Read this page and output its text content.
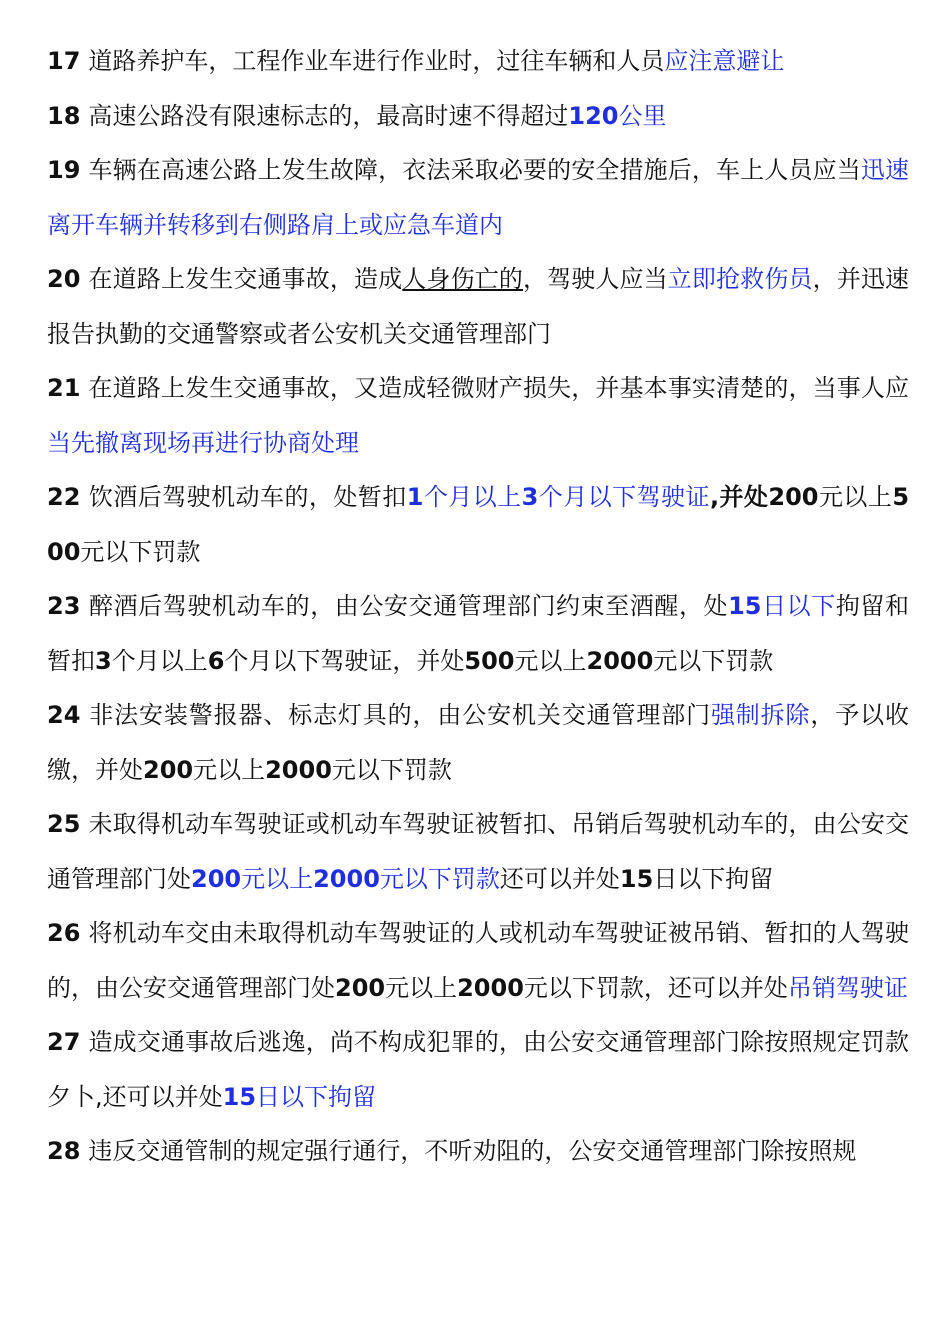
17 道路养护车，工程作业车进行作业时，过往车辆和人员应注意避让
18 高速公路没有限速标志的，最高时速不得超过120公里
19 车辆在高速公路上发生故障，衣法采取必要的安全措施后，车上人员应当迅速离开车辆并转移到右侧路肩上或应急车道内
20 在道路上发生交通事故，造成人身伤亡的，驾驶人应当立即抢救伤员，并迅速报告执勤的交通警察或者公安机关交通管理部门
21 在道路上发生交通事故，又造成轻微财产损失，并基本事实清楚的，当事人应当先撤离现场再进行协商处理
22 饮酒后驾驶机动车的，处暂扣1个月以上3个月以下驾驶证,并处200元以上500元以下罚款
23 醉酒后驾驶机动车的，由公安交通管理部门约束至酒醒，处15日以下拘留和暂扣3个月以上6个月以下驾驶证，并处500元以上2000元以下罚款
24 非法安装警报器、标志灯具的，由公安机关交通管理部门强制拆除，予以收缴，并处200元以上2000元以下罚款
25 未取得机动车驾驶证或机动车驾驶证被暂扣、吊销后驾驶机动车的，由公安交通管理部门处200元以上2000元以下罚款还可以并处15日以下拘留
26 将机动车交由未取得机动车驾驶证的人或机动车驾驶证被吊销、暂扣的人驾驶的，由公安交通管理部门处200元以上2000元以下罚款，还可以并处吊销驾驶证
27 造成交通事故后逃逸，尚不构成犯罪的，由公安交通管理部门除按照规定罚款夕卜,还可以并处15日以下拘留
28 违反交通管制的规定强行通行，不听劝阻的，公安交通管理部门除按照规
